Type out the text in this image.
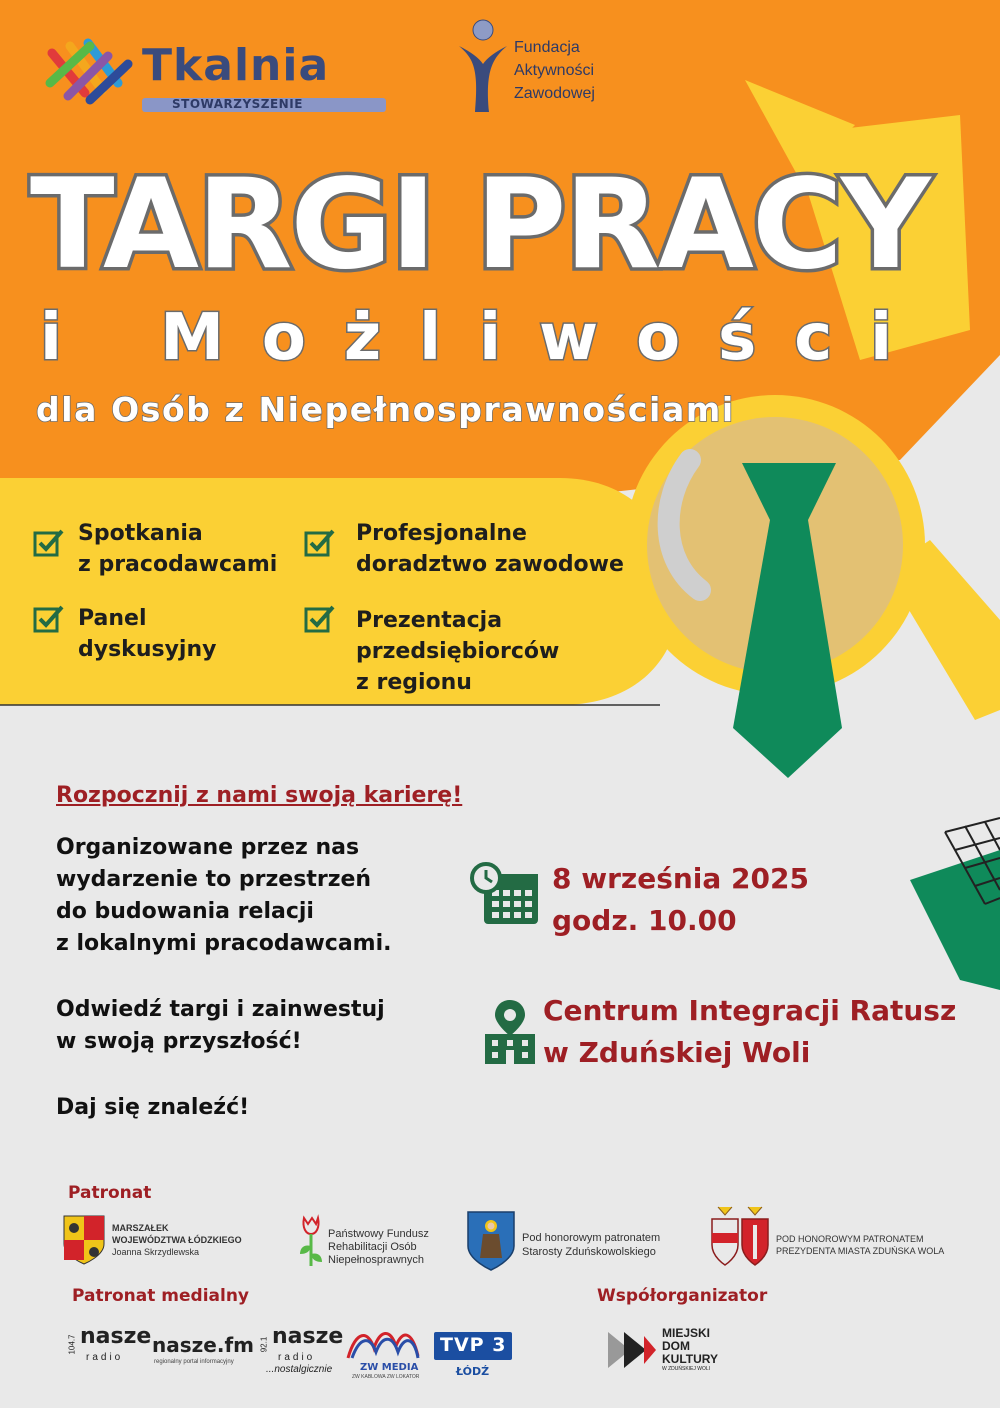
Tkalnia
STOWARZYSZENIE
Fundacja
Aktywności
Zawodowej
TARGI PRACY
i Możliwości
dla Osób z Niepełnosprawnościami
Spotkania
z pracodawcami
Profesjonalne
doradztwo zawodowe
Panel
dyskusyjny
Prezentacja
przedsiębiorców
z regionu
Rozpocznij z nami swoją karierę!
Organizowane przez nas
wydarzenie to przestrzeń
do budowania relacji
z lokalnymi pracodawcami.
Odwiedź targi i zainwestuj
w swoją przyszłość!
Daj się znaleźć!
8 września 2025
godz. 10.00
Centrum Integracji Ratusz
w Zduńskiej Woli
Patronat
MARSZAŁEK
WOJEWÓDZTWA ŁÓDZKIEGO
Joanna Skrzydlewska
Państwowy Fundusz
Rehabilitacji Osób
Niepełnosprawnych
Pod honorowym patronatem
Starosty Zduńskowolskiego
POD HONOROWYM PATRONATEM
PREZYDENTA MIASTA ZDUŃSKA WOLA
Patronat medialny	Współorganizator
104.7 nasze
radio
nasze.fm
regionalny portal informacyjny
92.1 nasze
radio
...nostalgicznie	ZW MEDIA
ZW KABLOWA ZW LOKATOR
TVP 3
ŁÓDŹ
MIEJSKI
DOM
KULTURY
W ZDUŃSKIEJ WOLI
